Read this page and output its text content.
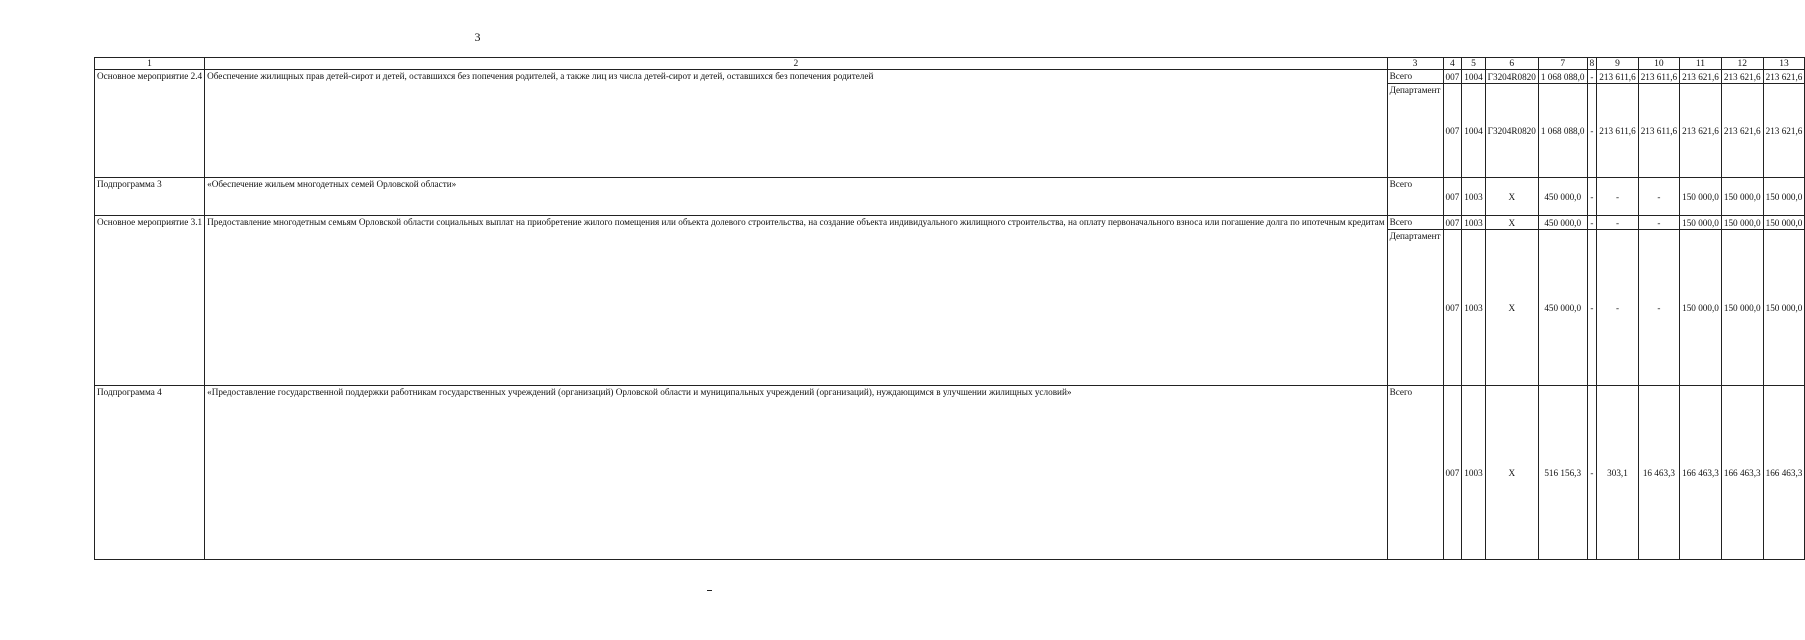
3
1	2	3	4	5	6	7	8	9	10	11	12	13
Основное мероприятие 2.4	Обеспечение жилищных прав детей-сирот и детей, оставшихся без попечения родителей, а также лиц из числа детей-сирот и детей, оставшихся без попечения родителей	Всего	007	1004	Г3204R0820	1 068 088,0	-	213 611,6	213 611,6	213 621,6	213 621,6	213 621,6
		Департамент	007	1004	Г3204R0820	1 068 088,0	-	213 611,6	213 611,6	213 621,6	213 621,6	213 621,6
Подпрограмма 3	«Обеспечение жильем многодетных семей Орловской области»	Всего	007	1003	Х	450 000,0	-	-	-	150 000,0	150 000,0	150 000,0
Основное мероприятие 3.1	Предоставление многодетным семьям Орловской области социальных выплат на приобретение жилого помещения или объекта долевого строительства, на создание объекта индивидуального жилищного строительства, на оплату первоначального взноса или погашение долга по ипотечным кредитам	Всего	007	1003	Х	450 000,0	-	-	-	150 000,0	150 000,0	150 000,0
		Департамент	007	1003	Х	450 000,0	-	-	-	150 000,0	150 000,0	150 000,0
Подпрограмма 4	«Предоставление государственной поддержки работникам государственных учреждений (организаций) Орловской области и муниципальных учреждений (организаций), нуждающимся в улучшении жилищных условий»	Всего	007	1003	Х	516 156,3	-	303,1	16 463,3	166 463,3	166 463,3	166 463,3
